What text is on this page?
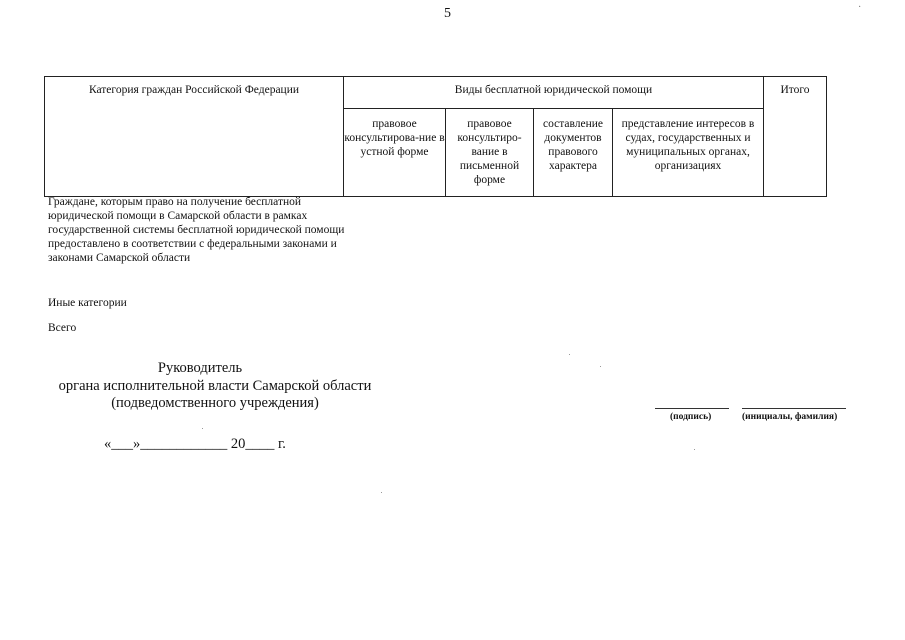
5	·
Категория граждан Российской Федерации	Виды бесплатной юридической помощи				Итого
	правовое консультирова-ние в устной форме	правовое консультиро-вание в письменной форме	составление документов правового характера	представление интересов в судах, государственных и муниципальных органах, организациях	
Граждане, которым право на получение бесплатной юридической помощи в Самарской области в рамках государственной системы бесплатной юридической помощи предоставлено в соответствии с федеральными законами и законами Самарской области
Иные категории
Всего
Руководитель
органа исполнительной власти Самарской области
(подведомственного учреждения)
(подпись)	(инициалы, фамилия)
«___»____________ 20____ г.
